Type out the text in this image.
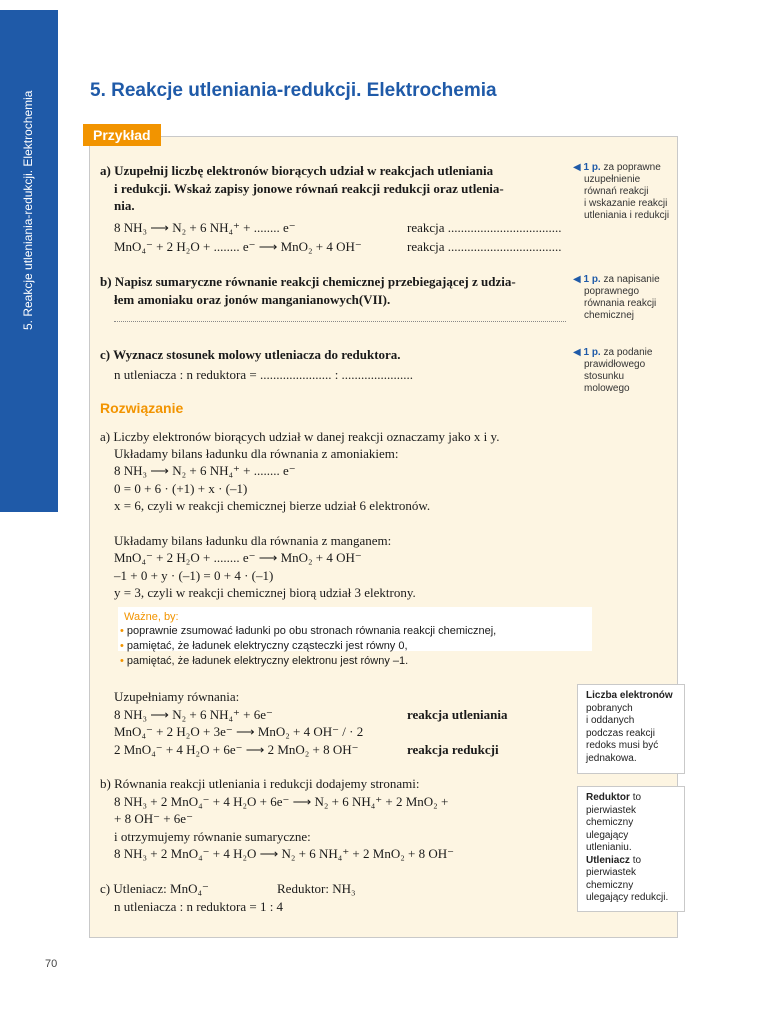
5. Reakcje utleniania-redukcji. Elektrochemia
5. Reakcje utleniania-redukcji. Elektrochemia
Przykład
a) Uzupełnij liczbę elektronów biorących udział w reakcjach utleniania
i redukcji. Wskaż zapisy jonowe równań reakcji redukcji oraz utlenia-
nia.
8 NH₃ ⟶ N₂ + 6 NH₄⁺ + ........ e⁻	reakcja ...................................
MnO₄⁻ + 2 H₂O + ........ e⁻ ⟶ MnO₂ + 4 OH⁻	reakcja ...................................
b) Napisz sumaryczne równanie reakcji chemicznej przebiegającej z udzia-
łem amoniaku oraz jonów manganianowych(VII).
c) Wyznacz stosunek molowy utleniacza do reduktora.
n utleniacza : n reduktora = ...................... : ......................
Rozwiązanie
a) Liczby elektronów biorących udział w danej reakcji oznaczamy jako x i y.
Układamy bilans ładunku dla równania z amoniakiem:
8 NH₃ ⟶ N₂ + 6 NH₄⁺ + ........ e⁻
0 = 0 + 6 · (+1) + x · (–1)
x = 6, czyli w reakcji chemicznej bierze udział 6 elektronów.
Układamy bilans ładunku dla równania z manganem:
MnO₄⁻ + 2 H₂O + ........ e⁻ ⟶ MnO₂ + 4 OH⁻
–1 + 0 + y · (–1) = 0 + 4 · (–1)
y = 3, czyli w reakcji chemicznej biorą udział 3 elektrony.
Ważne, by:
• poprawnie zsumować ładunki po obu stronach równania reakcji chemicznej,
• pamiętać, że ładunek elektryczny cząsteczki jest równy 0,
• pamiętać, że ładunek elektryczny elektronu jest równy –1.
Uzupełniamy równania:
8 NH₃ ⟶ N₂ + 6 NH₄⁺ + 6e⁻	reakcja utleniania
MnO₄⁻ + 2 H₂O + 3e⁻ ⟶ MnO₂ + 4 OH⁻ / · 2
2 MnO₄⁻ + 4 H₂O + 6e⁻ ⟶ 2 MnO₂ + 8 OH⁻	reakcja redukcji
b) Równania reakcji utleniania i redukcji dodajemy stronami:
8 NH₃ + 2 MnO₄⁻ + 4 H₂O + 6e⁻ ⟶ N₂ + 6 NH₄⁺ + 2 MnO₂ +
+ 8 OH⁻ + 6e⁻
i otrzymujemy równanie sumaryczne:
8 NH₃ + 2 MnO₄⁻ + 4 H₂O ⟶ N₂ + 6 NH₄⁺ + 2 MnO₂ + 8 OH⁻
c) Utleniacz: MnO₄⁻	Reduktor: NH₃
n utleniacza : n reduktora = 1 : 4
◀ 1 p. za poprawne
uzupełnienie
równań reakcji
i wskazanie reakcji
utleniania i redukcji
◀ 1 p. za napisanie
poprawnego
równania reakcji
chemicznej
◀ 1 p. za podanie
prawidłowego
stosunku
molowego
Liczba elektronów
pobranych
i oddanych
podczas reakcji
redoks musi być
jednakowa.
Reduktor to
pierwiastek
chemiczny
ulegający
utlenianiu.
Utleniacz to
pierwiastek
chemiczny
ulegający redukcji.
70
